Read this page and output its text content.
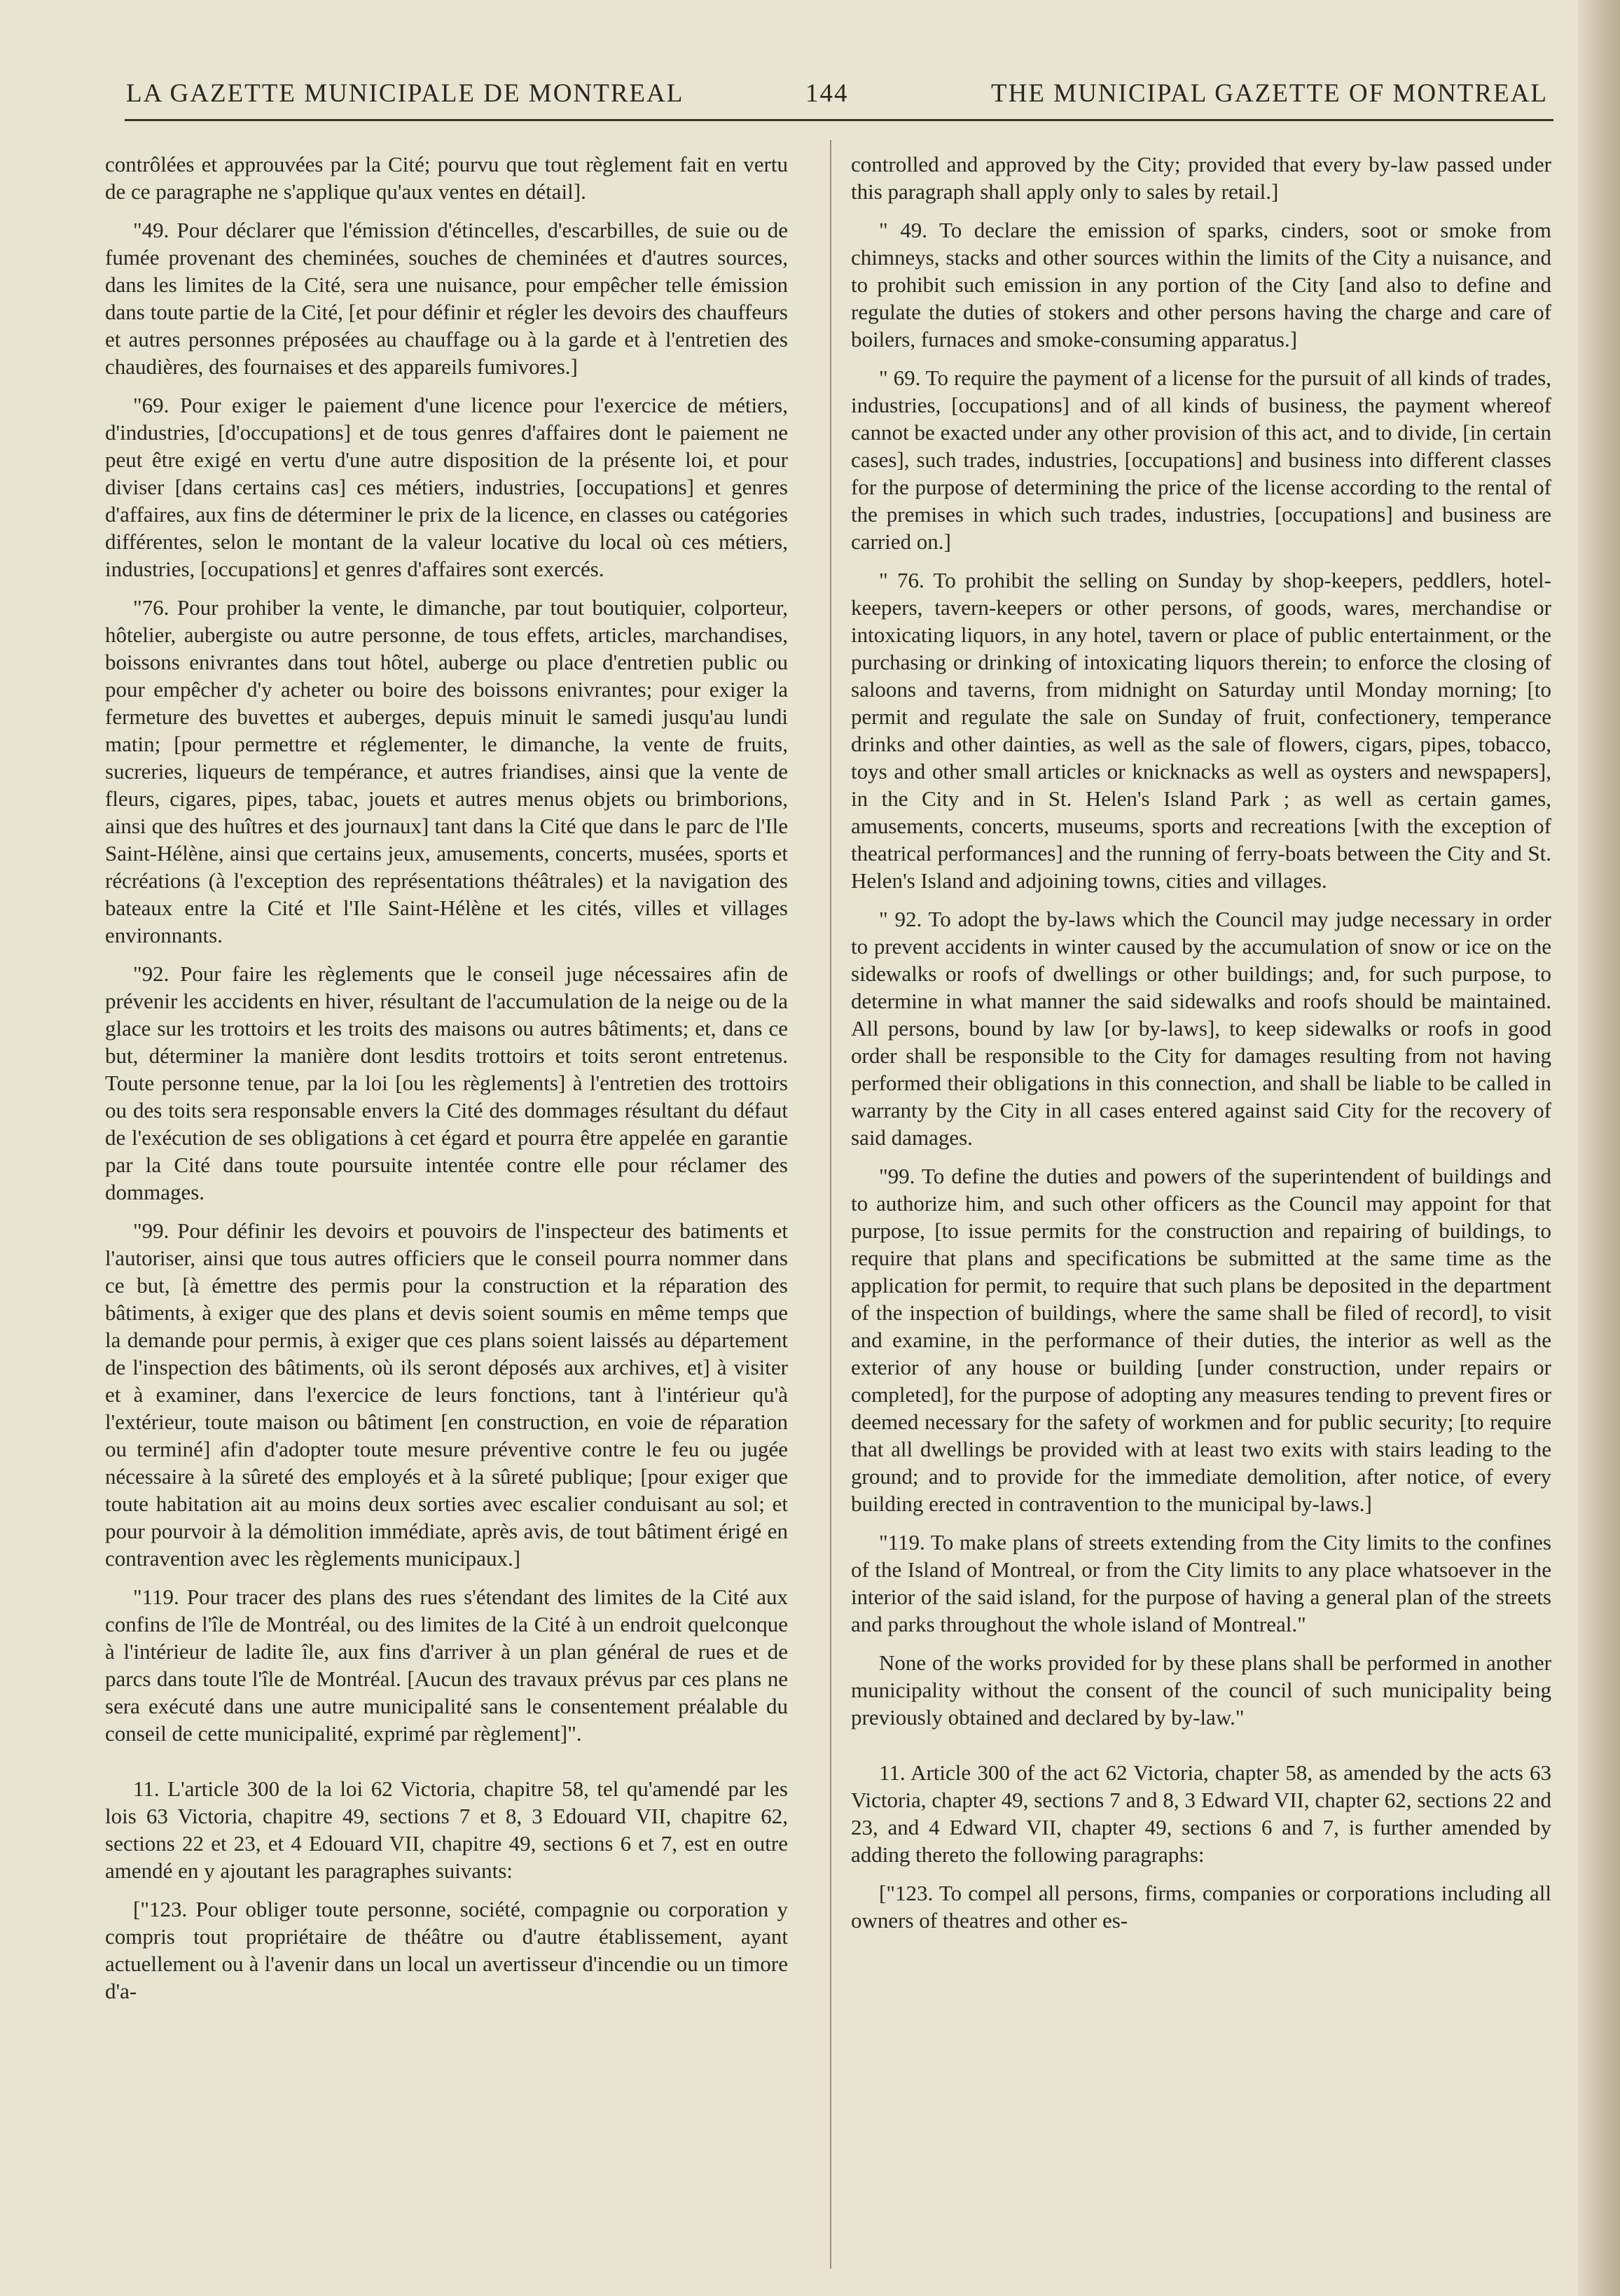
LA GAZETTE MUNICIPALE DE MONTREAL	144	THE MUNICIPAL GAZETTE OF MONTREAL

contrôlées et approuvées par la Cité; pourvu que tout règlement fait en vertu de ce paragraphe ne s'applique qu'aux ventes en détail].

"49. Pour déclarer que l'émission d'étincelles, d'escarbilles, de suie ou de fumée provenant des cheminées, souches de cheminées et d'autres sources, dans les limites de la Cité, sera une nuisance, pour empêcher telle émission dans toute partie de la Cité, [et pour définir et régler les devoirs des chauffeurs et autres personnes préposées au chauffage ou à la garde et à l'entretien des chaudières, des fournaises et des appareils fumivores.]

"69. Pour exiger le paiement d'une licence pour l'exercice de métiers, d'industries, [d'occupations] et de tous genres d'affaires dont le paiement ne peut être exigé en vertu d'une autre disposition de la présente loi, et pour diviser [dans certains cas] ces métiers, industries, [occupations] et genres d'affaires, aux fins de déterminer le prix de la licence, en classes ou catégories différentes, selon le montant de la valeur locative du local où ces métiers, industries, [occupations] et genres d'affaires sont exercés.

"76. Pour prohiber la vente, le dimanche, par tout boutiquier, colporteur, hôtelier, aubergiste ou autre personne, de tous effets, articles, marchandises, boissons enivrantes dans tout hôtel, auberge ou place d'entretien public ou pour empêcher d'y acheter ou boire des boissons enivrantes; pour exiger la fermeture des buvettes et auberges, depuis minuit le samedi jusqu'au lundi matin; [pour permettre et réglementer, le dimanche, la vente de fruits, sucreries, liqueurs de tempérance, et autres friandises, ainsi que la vente de fleurs, cigares, pipes, tabac, jouets et autres menus objets ou brimborions, ainsi que des huîtres et des journaux] tant dans la Cité que dans le parc de l'Ile Saint-Hélène, ainsi que certains jeux, amusements, concerts, musées, sports et récréations (à l'exception des représentations théâtrales) et la navigation des bateaux entre la Cité et l'Ile Saint-Hélène et les cités, villes et villages environnants.

"92. Pour faire les règlements que le conseil juge nécessaires afin de prévenir les accidents en hiver, résultant de l'accumulation de la neige ou de la glace sur les trottoirs et les troits des maisons ou autres bâtiments; et, dans ce but, déterminer la manière dont lesdits trottoirs et toits seront entretenus. Toute personne tenue, par la loi [ou les règlements] à l'entretien des trottoirs ou des toits sera responsable envers la Cité des dommages résultant du défaut de l'exécution de ses obligations à cet égard et pourra être appelée en garantie par la Cité dans toute poursuite intentée contre elle pour réclamer des dommages.

"99. Pour définir les devoirs et pouvoirs de l'inspecteur des batiments et l'autoriser, ainsi que tous autres officiers que le conseil pourra nommer dans ce but, [à émettre des permis pour la construction et la réparation des bâtiments, à exiger que des plans et devis soient soumis en même temps que la demande pour permis, à exiger que ces plans soient laissés au département de l'inspection des bâtiments, où ils seront déposés aux archives, et] à visiter et à examiner, dans l'exercice de leurs fonctions, tant à l'intérieur qu'à l'extérieur, toute maison ou bâtiment [en construction, en voie de réparation ou terminé] afin d'adopter toute mesure préventive contre le feu ou jugée nécessaire à la sûreté des employés et à la sûreté publique; [pour exiger que toute habitation ait au moins deux sorties avec escalier conduisant au sol; et pour pourvoir à la démolition immédiate, après avis, de tout bâtiment érigé en contravention avec les règlements municipaux.]

"119. Pour tracer des plans des rues s'étendant des limites de la Cité aux confins de l'île de Montréal, ou des limites de la Cité à un endroit quelconque à l'intérieur de ladite île, aux fins d'arriver à un plan général de rues et de parcs dans toute l'île de Montréal. [Aucun des travaux prévus par ces plans ne sera exécuté dans une autre municipalité sans le consentement préalable du conseil de cette municipalité, exprimé par règlement]".

11. L'article 300 de la loi 62 Victoria, chapitre 58, tel qu'amendé par les lois 63 Victoria, chapitre 49, sections 7 et 8, 3 Edouard VII, chapitre 62, sections 22 et 23, et 4 Edouard VII, chapitre 49, sections 6 et 7, est en outre amendé en y ajoutant les paragraphes suivants:

["123. Pour obliger toute personne, société, compagnie ou corporation y compris tout propriétaire de théâtre ou d'autre établissement, ayant actuellement ou à l'avenir dans un local un avertisseur d'incendie ou un timore d'a-

controlled and approved by the City; provided that every by-law passed under this paragraph shall apply only to sales by retail.]

" 49. To declare the emission of sparks, cinders, soot or smoke from chimneys, stacks and other sources within the limits of the City a nuisance, and to prohibit such emission in any portion of the City [and also to define and regulate the duties of stokers and other persons having the charge and care of boilers, furnaces and smoke-consuming apparatus.]

" 69. To require the payment of a license for the pursuit of all kinds of trades, industries, [occupations] and of all kinds of business, the payment whereof cannot be exacted under any other provision of this act, and to divide, [in certain cases], such trades, industries, [occupations] and business into different classes for the purpose of determining the price of the license according to the rental of the premises in which such trades, industries, [occupations] and business are carried on.]

" 76. To prohibit the selling on Sunday by shop-keepers, peddlers, hotel-keepers, tavern-keepers or other persons, of goods, wares, merchandise or intoxicating liquors, in any hotel, tavern or place of public entertainment, or the purchasing or drinking of intoxicating liquors therein; to enforce the closing of saloons and taverns, from midnight on Saturday until Monday morning; [to permit and regulate the sale on Sunday of fruit, confectionery, temperance drinks and other dainties, as well as the sale of flowers, cigars, pipes, tobacco, toys and other small articles or knicknacks as well as oysters and newspapers], in the City and in St. Helen's Island Park ; as well as certain games, amusements, concerts, museums, sports and recreations [with the exception of theatrical performances] and the running of ferry-boats between the City and St. Helen's Island and adjoining towns, cities and villages.

" 92. To adopt the by-laws which the Council may judge necessary in order to prevent accidents in winter caused by the accumulation of snow or ice on the sidewalks or roofs of dwellings or other buildings; and, for such purpose, to determine in what manner the said sidewalks and roofs should be maintained. All persons, bound by law [or by-laws], to keep sidewalks or roofs in good order shall be responsible to the City for damages resulting from not having performed their obligations in this connection, and shall be liable to be called in warranty by the City in all cases entered against said City for the recovery of said damages.

"99. To define the duties and powers of the superintendent of buildings and to authorize him, and such other officers as the Council may appoint for that purpose, [to issue permits for the construction and repairing of buildings, to require that plans and specifications be submitted at the same time as the application for permit, to require that such plans be deposited in the department of the inspection of buildings, where the same shall be filed of record], to visit and examine, in the performance of their duties, the interior as well as the exterior of any house or building [under construction, under repairs or completed], for the purpose of adopting any measures tending to prevent fires or deemed necessary for the safety of workmen and for public security; [to require that all dwellings be provided with at least two exits with stairs leading to the ground; and to provide for the immediate demolition, after notice, of every building erected in contravention to the municipal by-laws.]

"119. To make plans of streets extending from the City limits to the confines of the Island of Montreal, or from the City limits to any place whatsoever in the interior of the said island, for the purpose of having a general plan of the streets and parks throughout the whole island of Montreal."

None of the works provided for by these plans shall be performed in another municipality without the consent of the council of such municipality being previously obtained and declared by by-law."

11. Article 300 of the act 62 Victoria, chapter 58, as amended by the acts 63 Victoria, chapter 49, sections 7 and 8, 3 Edward VII, chapter 62, sections 22 and 23, and 4 Edward VII, chapter 49, sections 6 and 7, is further amended by adding thereto the following paragraphs:

["123. To compel all persons, firms, companies or corporations including all owners of theatres and other es-
